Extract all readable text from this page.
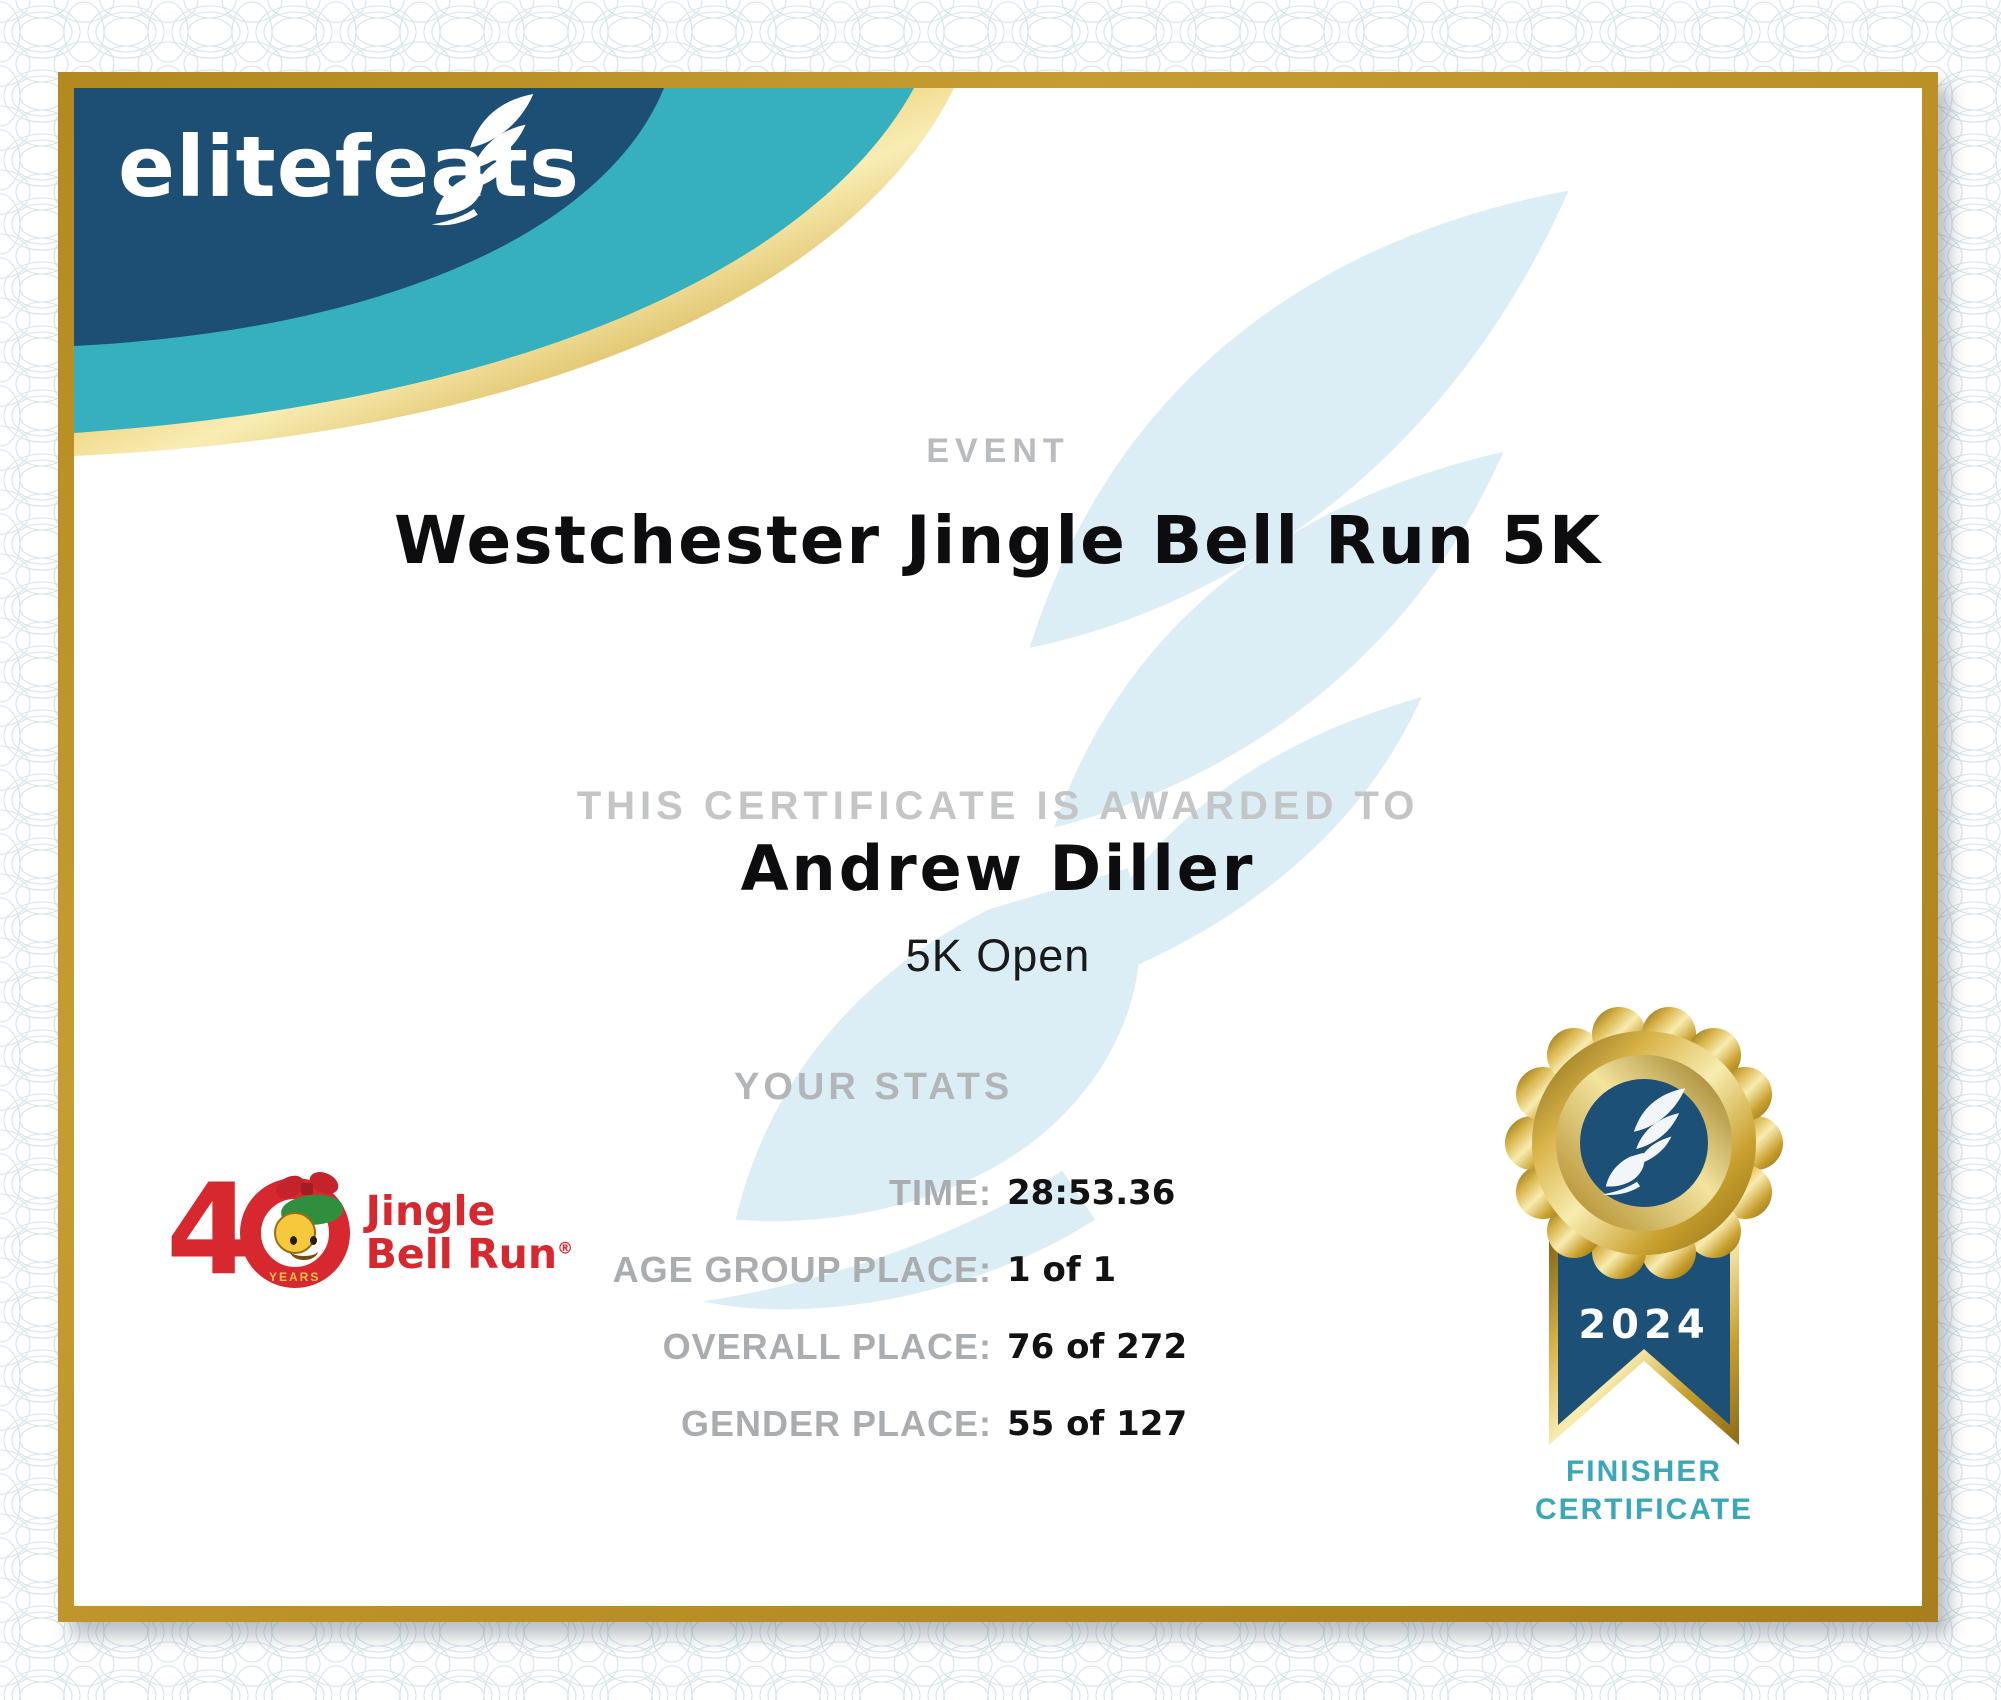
elitefeats
EVENT
Westchester Jingle Bell Run 5K
THIS CERTIFICATE IS AWARDED TO
Andrew Diller
5K Open
YOUR STATS
TIME: 28:53.36
AGE GROUP PLACE: 1 of 1
OVERALL PLACE: 76 of 272
GENDER PLACE: 55 of 127
4	YEARS
Jingle
Bell Run®
2024
FINISHER
CERTIFICATE
